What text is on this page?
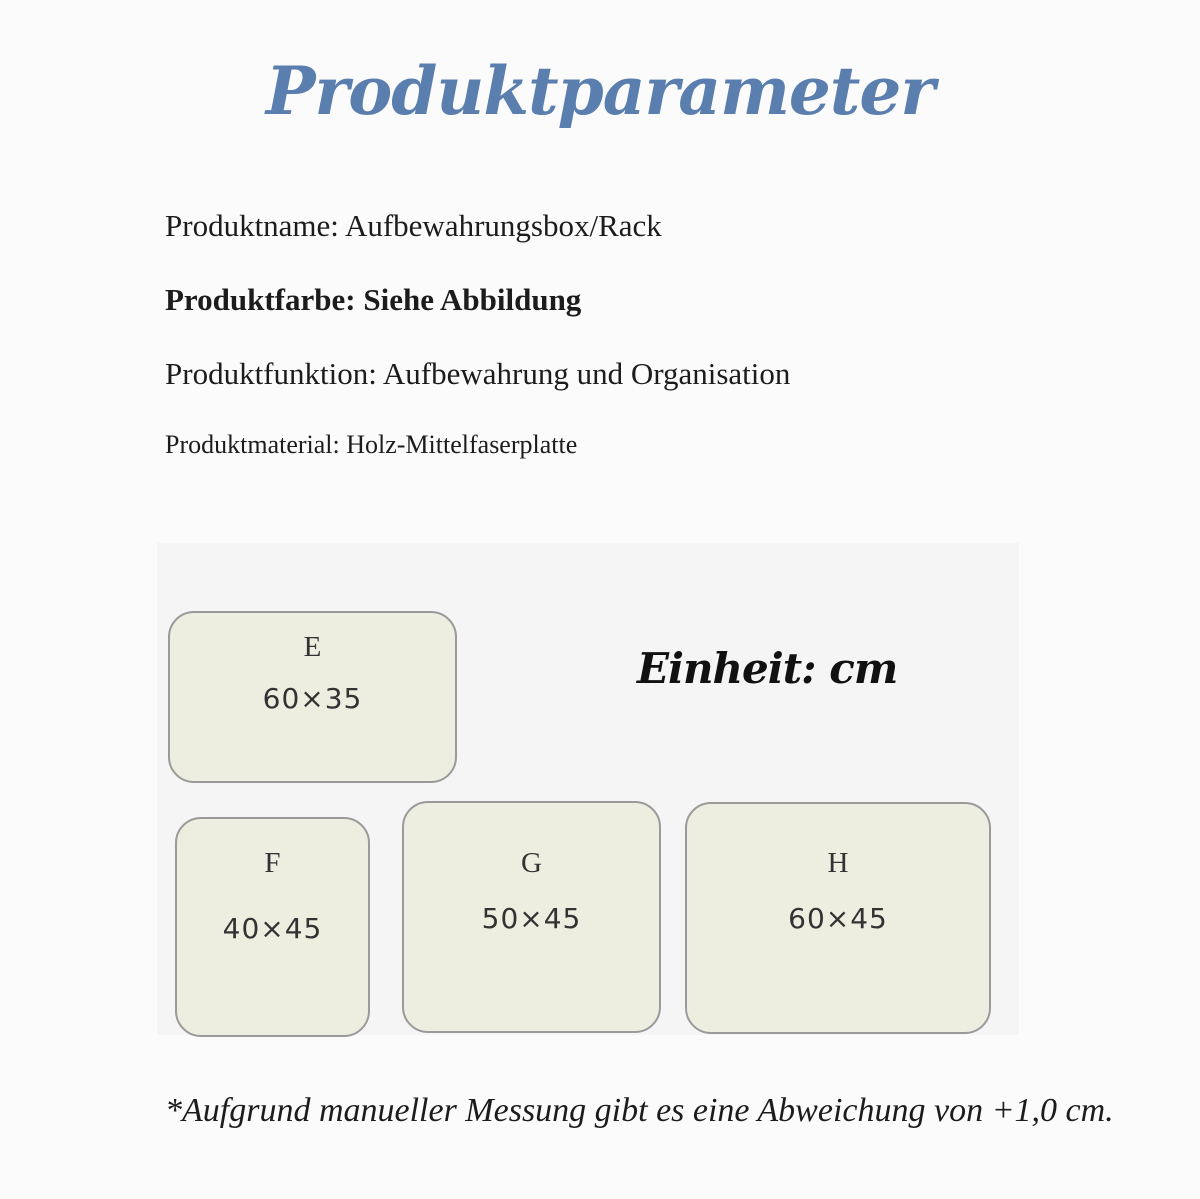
Produktparameter
Produktname: Aufbewahrungsbox/Rack
Produktfarbe: Siehe Abbildung
Produktfunktion: Aufbewahrung und Organisation
Produktmaterial: Holz-Mittelfaserplatte
E
60×35
Einheit: cm
F
40×45
G
50×45
H
60×45
*Aufgrund manueller Messung gibt es eine Abweichung von +1,0 cm.
